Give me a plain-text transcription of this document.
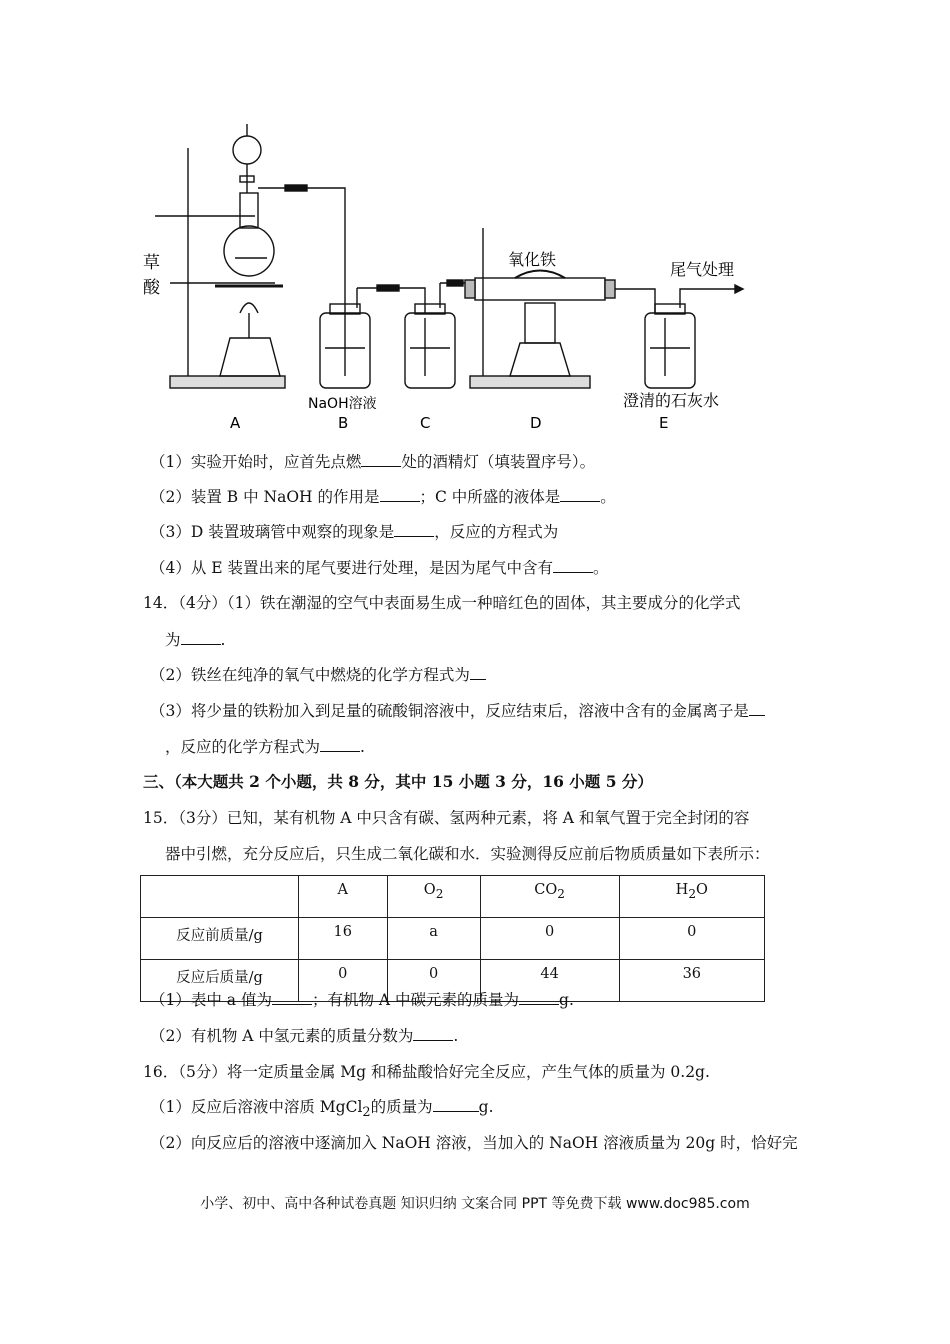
草
酸
氧化铁
尾气处理
NaOH溶液	澄清的石灰水
A	B	C	D	E
（1）实验开始时，应首先点燃	处的酒精灯（填装置序号）。
（2）装置 B 中 NaOH 的作用是	；C 中所盛的液体是	。
（3）D 装置玻璃管中观察的现象是	，反应的方程式为
（4）从 E 装置出来的尾气要进行处理，是因为尾气中含有	。
14．（4分）（1）铁在潮湿的空气中表面易生成一种暗红色的固体，其主要成分的化学式
为	.
（2）铁丝在纯净的氧气中燃烧的化学方程式为
（3）将少量的铁粉加入到足量的硫酸铜溶液中，反应结束后，溶液中含有的金属离子是
，反应的化学方程式为	.
三、（本大题共 2 个小题，共 8 分，其中 15 小题 3 分，16 小题 5 分）
15．（3分）已知，某有机物 A 中只含有碳、氢两种元素，将 A 和氧气置于完全封闭的容
器中引燃，充分反应后，只生成二氧化碳和水．实验测得反应前后物质质量如下表所示：
	A	$O_2$	$CO_2$	$H_2O$
反应前质量/g	16	a	0	0
反应后质量/g	0	0	44	36
（1）表中 a 值为	；有机物 A 中碳元素的质量为	g.
（2）有机物 A 中氢元素的质量分数为	.
16．（5分）将一定质量金属 Mg 和稀盐酸恰好完全反应，产生气体的质量为 0.2g.
（1）反应后溶液中溶质 MgCl$_2$的质量为	g.
（2）向反应后的溶液中逐滴加入 NaOH 溶液，当加入的 NaOH 溶液质量为 20g 时，恰好完
小学、初中、高中各种试卷真题 知识归纳 文案合同 PPT 等免费下载 www.doc985.com
